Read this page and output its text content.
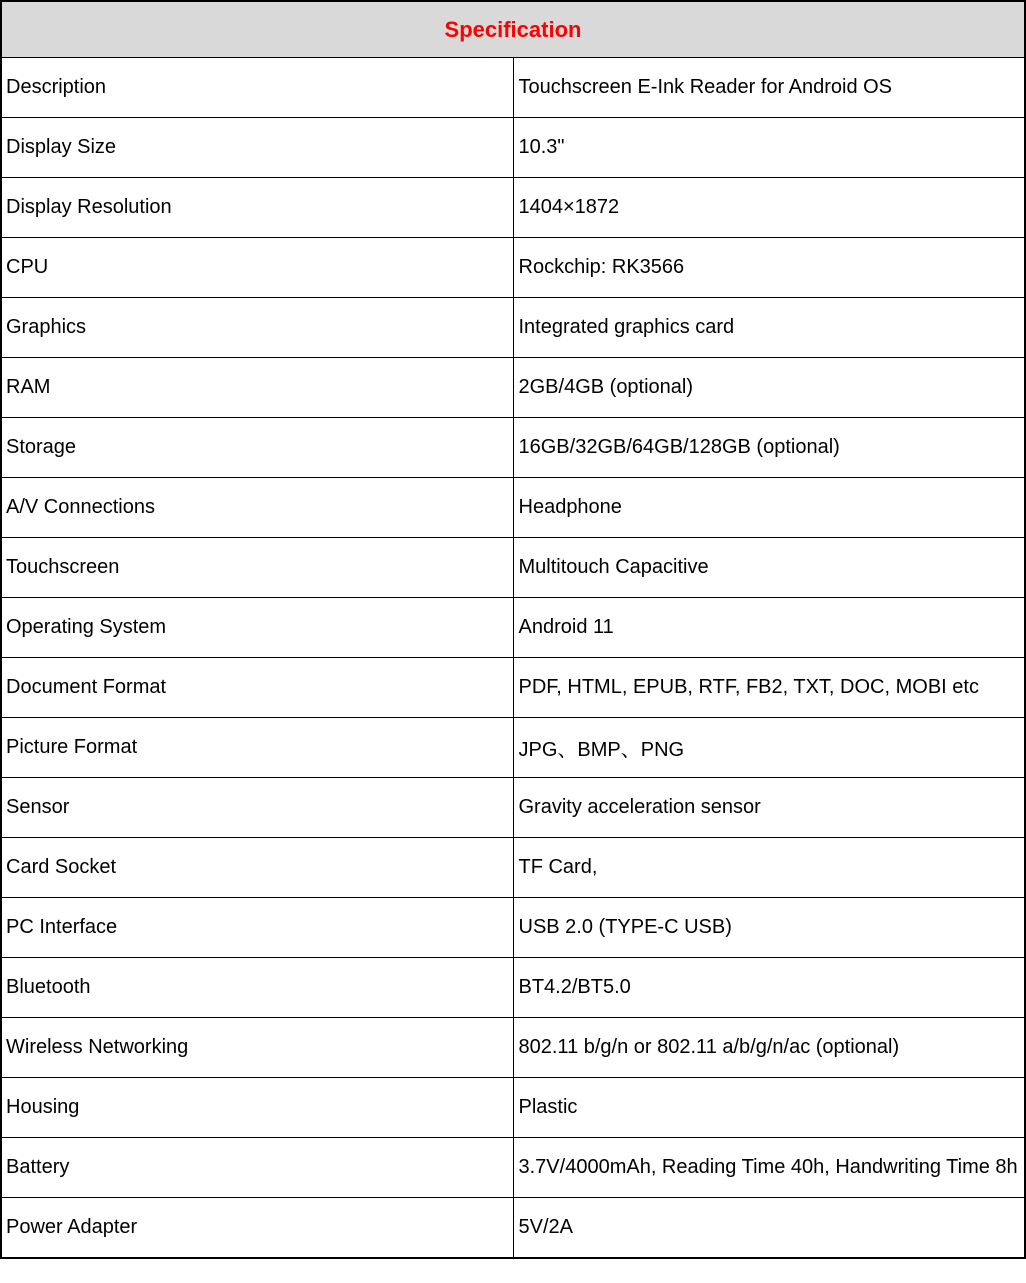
Specification	
Description	Touchscreen E-Ink Reader for Android OS
Display Size	10.3"
Display Resolution	1404×1872
CPU	Rockchip: RK3566
Graphics	Integrated graphics card
RAM	2GB/4GB (optional)
Storage	16GB/32GB/64GB/128GB (optional)
A/V Connections	Headphone
Touchscreen	Multitouch Capacitive
Operating System	Android 11
Document Format	PDF, HTML, EPUB, RTF, FB2, TXT, DOC, MOBI etc
Picture Format	JPG、BMP、PNG
Sensor	Gravity acceleration sensor
Card Socket	TF Card,
PC Interface	USB 2.0 (TYPE-C USB)
Bluetooth	BT4.2/BT5.0
Wireless Networking	802.11 b/g/n or 802.11 a/b/g/n/ac (optional)
Housing	Plastic
Battery	3.7V/4000mAh, Reading Time 40h, Handwriting Time 8h
Power Adapter	5V/2A
